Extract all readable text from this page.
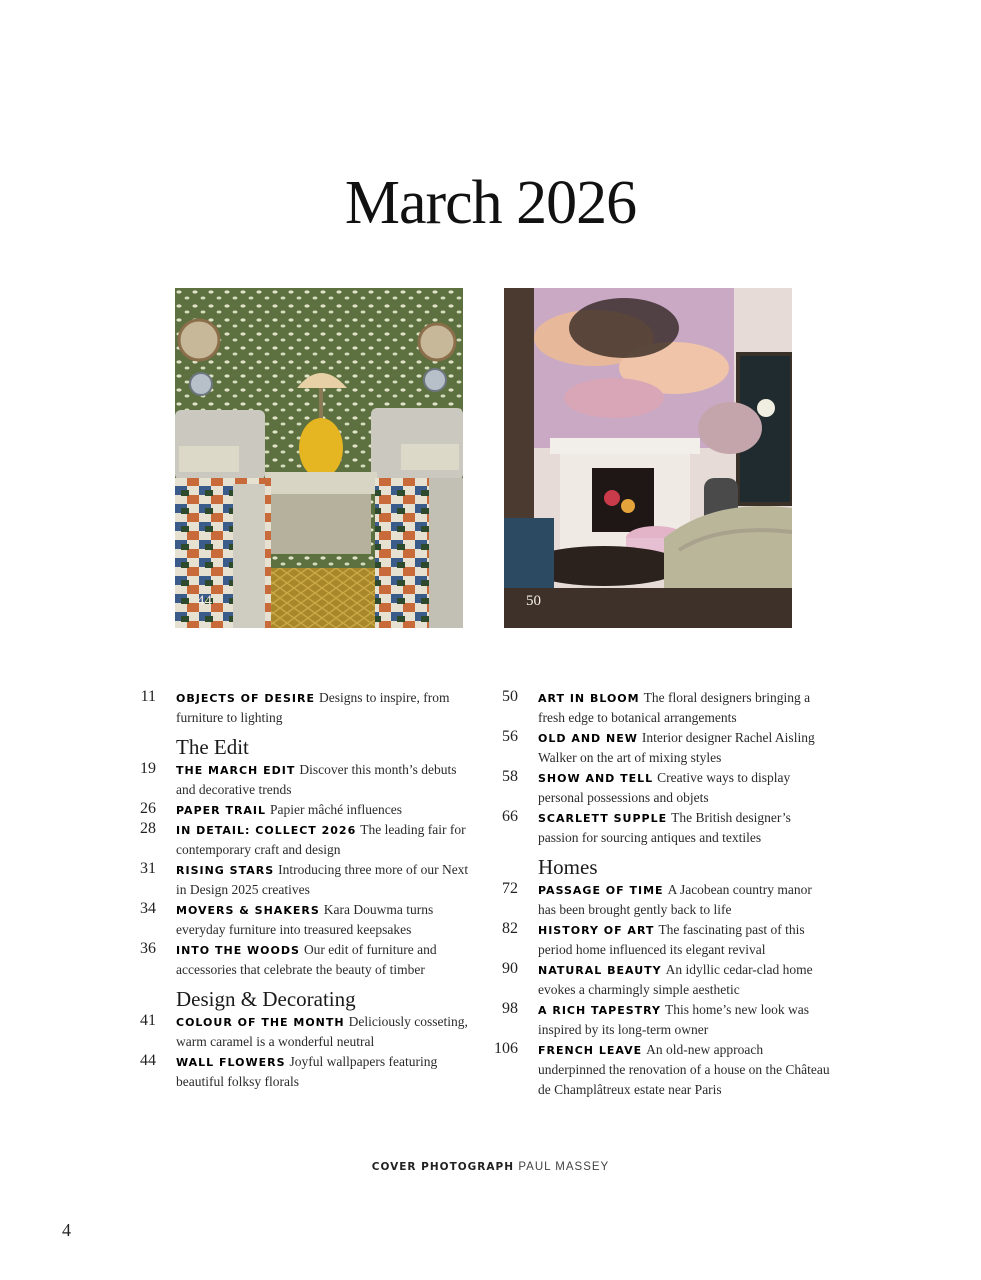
March 2026
44	50
11 OBJECTS OF DESIRE Designs to inspire, from furniture to lighting
The Edit
19 THE MARCH EDIT Discover this month’s debuts and decorative trends
26 PAPER TRAIL Papier mâché influences
28 IN DETAIL: COLLECT 2026 The leading fair for contemporary craft and design
31 RISING STARS Introducing three more of our Next in Design 2025 creatives
34 MOVERS & SHAKERS Kara Douwma turns everyday furniture into treasured keepsakes
36 INTO THE WOODS Our edit of furniture and accessories that celebrate the beauty of timber
Design & Decorating
41 COLOUR OF THE MONTH Deliciously cosseting, warm caramel is a wonderful neutral
44 WALL FLOWERS Joyful wallpapers featuring beautiful folksy florals
50 ART IN BLOOM The floral designers bringing a fresh edge to botanical arrangements
56 OLD AND NEW Interior designer Rachel Aisling Walker on the art of mixing styles
58 SHOW AND TELL Creative ways to display personal possessions and objets
66 SCARLETT SUPPLE The British designer’s passion for sourcing antiques and textiles
Homes
72 PASSAGE OF TIME A Jacobean country manor has been brought gently back to life
82 HISTORY OF ART The fascinating past of this period home influenced its elegant revival
90 NATURAL BEAUTY An idyllic cedar-clad home evokes a charmingly simple aesthetic
98 A RICH TAPESTRY This home’s new look was inspired by its long-term owner
106 FRENCH LEAVE An old-new approach underpinned the renovation of a house on the Château de Champlâtreux estate near Paris
COVER PHOTOGRAPH PAUL MASSEY
4
